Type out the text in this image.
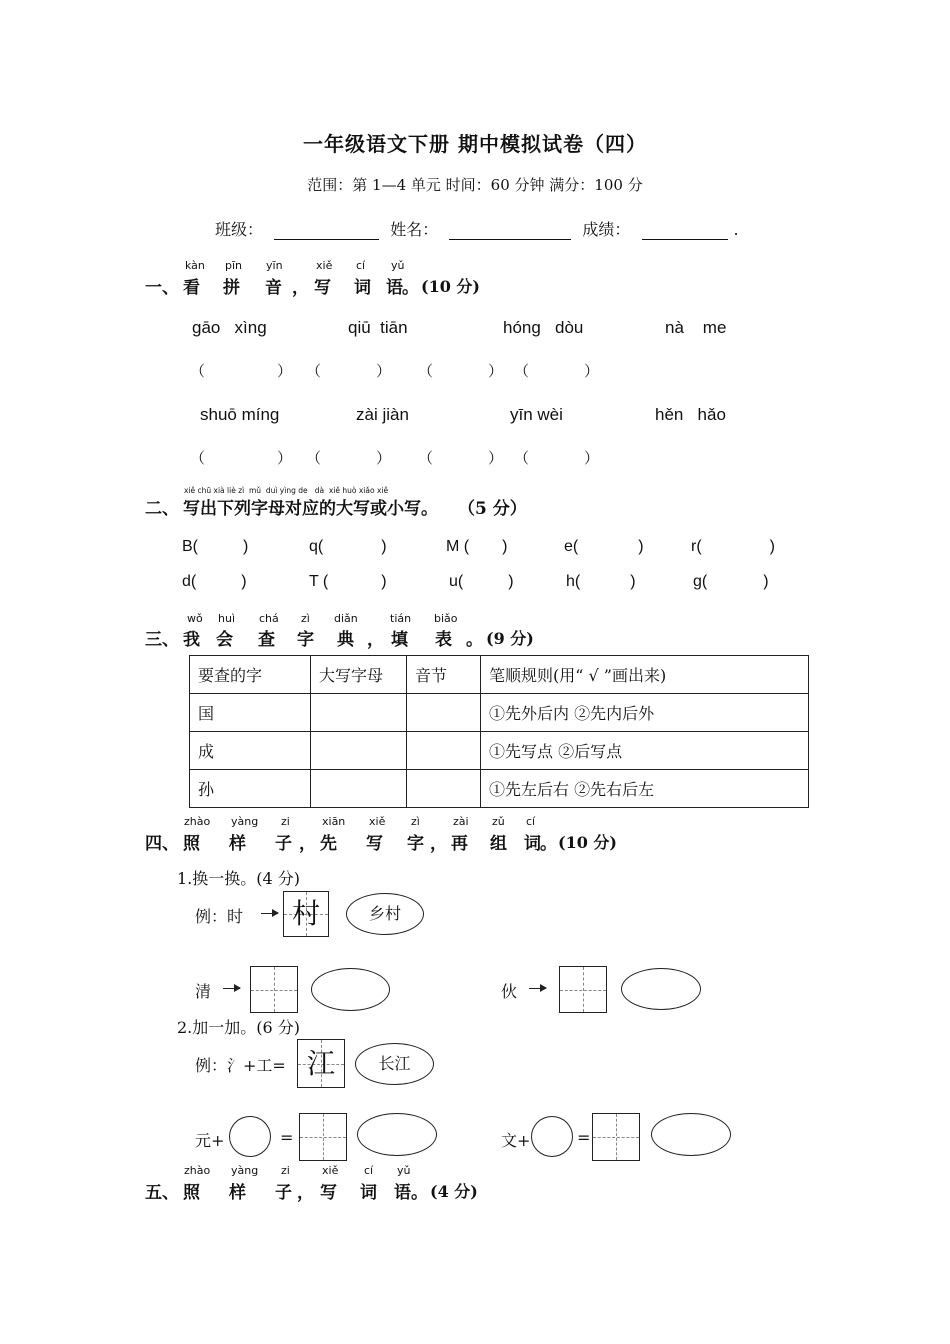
一年级语文下册 期中模拟试卷（四）
范围：第 1—4 单元 时间：60 分钟 满分：100 分
班级：	姓名：	成绩：	.
kàn pīn yīn	xiě cí yǔ
一、 看 拼 音 ， 写 词 语 。 (10 分)
gāo   xìng	qiū  tiān	hóng   dòu	nà    me
（	） （	） （	） （	）
shuō míng	zài jiàn	yīn wèi	hěn   hǎo
（	） （	） （	） （	）
xiě chū xià liè zì  mǔ  duì yìng de   dà  xiě huò xiǎo xiě
二、 写出下列字母对应的大写或小写。 （5 分）
B(	)	q(	)	M ( )	e(	)	r(	)
d(	)	T (	)	u(	)	h(	)	g(	)
wǒ huì chá zì diǎn	tián biǎo
三、 我 会 查 字 典 ， 填 表 。 (9 分)
要查的字	大写字母	音节	笔顺规则(用“ √ ”画出来)
国			①先外后内 ②先内后外
成			①先写点 ②后写点
孙			①先左后右 ②先右后左
zhào yàng zi	xiān xiě zì	zài zǔ cí
四、 照 样 子 ， 先 写 字 ， 再 组 词 。 (10 分)
1.换一换。(4 分)
例：时 村	乡村
清	伙
2.加一加。(6 分)
例：氵+工= 江	长江
元+	=	文+	=
zhào yàng zi	xiě cí yǔ
五、 照 样 子 ， 写 词 语 。 (4 分)
